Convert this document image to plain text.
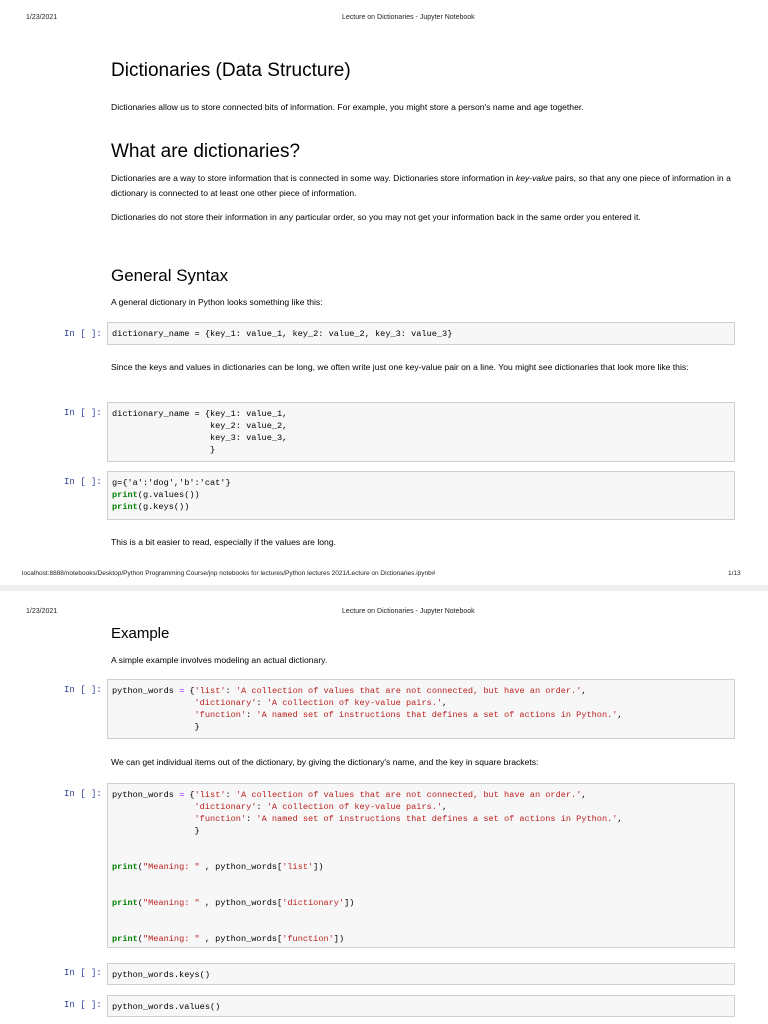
1/23/2021	Lecture on Dictionaries - Jupyter Notebook
Dictionaries (Data Structure)

Dictionaries allow us to store connected bits of information. For example, you might store a person's name and age together.

What are dictionaries?

Dictionaries are a way to store information that is connected in some way. Dictionaries store information in key-value pairs, so that any one piece of information in a dictionary is connected to at least one other piece of information.

Dictionaries do not store their information in any particular order, so you may not get your information back in the same order you entered it.

General Syntax

A general dictionary in Python looks something like this:

In [ ]:	dictionary_name = {key_1: value_1, key_2: value_2, key_3: value_3}

Since the keys and values in dictionaries can be long, we often write just one key-value pair on a line. You might see dictionaries that look more like this:

In [ ]:	dictionary_name = {key_1: value_1,
key_2: value_2,
key_3: value_3,
}
In [ ]:	g={'a':'dog','b':'cat'}
print(g.values())
print(g.keys())

This is a bit easier to read, especially if the values are long.

localhost:8888/notebooks/Desktop/Python Programming Course/jnp notebooks for lectures/Python lectures 2021/Lecture on Dictionaries.ipynb#	1/13
1/23/2021	Lecture on Dictionaries - Jupyter Notebook
Example

A simple example involves modeling an actual dictionary.

In [ ]:	python_words = {'list': 'A collection of values that are not connected, but have an order.',
'dictionary': 'A collection of key-value pairs.',
'function': 'A named set of instructions that defines a set of actions in Python.',
}

We can get individual items out of the dictionary, by giving the dictionary's name, and the key in square brackets:

In [ ]:	python_words = {'list': 'A collection of values that are not connected, but have an order.',
'dictionary': 'A collection of key-value pairs.',
'function': 'A named set of instructions that defines a set of actions in Python.',
}

print("Meaning: " , python_words['list'])

print("Meaning: " , python_words['dictionary'])

print("Meaning: " , python_words['function'])
In [ ]:	python_words.keys()
In [ ]:	python_words.values()
